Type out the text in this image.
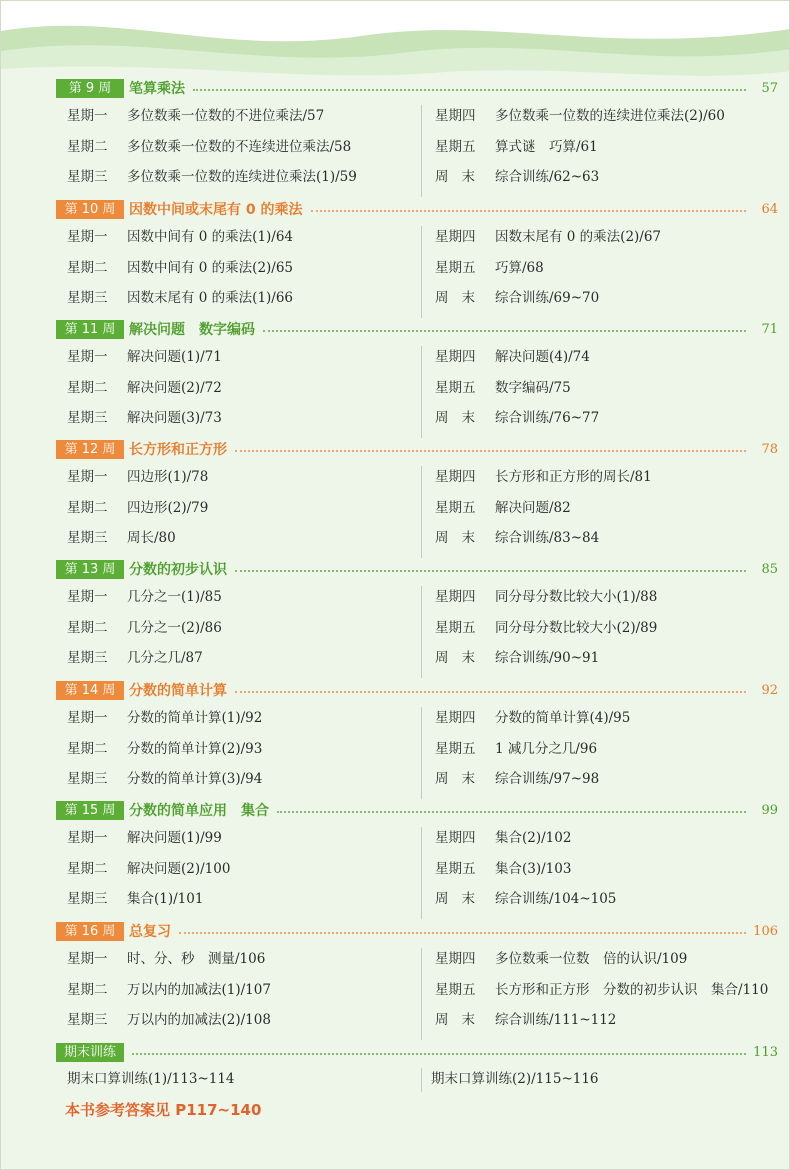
第 9 周	笔算乘法	57
星期一 多位数乘一位数的不进位乘法/57
星期二 多位数乘一位数的不连续进位乘法/58
星期三 多位数乘一位数的连续进位乘法(1)/59
星期四 多位数乘一位数的连续进位乘法(2)/60
星期五 算式谜　巧算/61
周末 综合训练/62~63
第 10 周 因数中间或末尾有 0 的乘法	64
星期一 因数中间有 0 的乘法(1)/64
星期二 因数中间有 0 的乘法(2)/65
星期三 因数末尾有 0 的乘法(1)/66
星期四 因数末尾有 0 的乘法(2)/67
星期五 巧算/68
周末 综合训练/69~70
第 11 周 解决问题　数字编码	71
星期一 解决问题(1)/71
星期二 解决问题(2)/72
星期三 解决问题(3)/73
星期四 解决问题(4)/74
星期五 数字编码/75
周末 综合训练/76~77
第 12 周 长方形和正方形	78
星期一 四边形(1)/78
星期二 四边形(2)/79
星期三 周长/80
星期四 长方形和正方形的周长/81
星期五 解决问题/82
周末 综合训练/83~84
第 13 周 分数的初步认识	85
星期一 几分之一(1)/85
星期二 几分之一(2)/86
星期三 几分之几/87
星期四 同分母分数比较大小(1)/88
星期五 同分母分数比较大小(2)/89
周末 综合训练/90~91
第 14 周 分数的简单计算	92
星期一 分数的简单计算(1)/92
星期二 分数的简单计算(2)/93
星期三 分数的简单计算(3)/94
星期四 分数的简单计算(4)/95
星期五 1 减几分之几/96
周末 综合训练/97~98
第 15 周 分数的简单应用　集合	99
星期一 解决问题(1)/99
星期二 解决问题(2)/100
星期三 集合(1)/101
星期四 集合(2)/102
星期五 集合(3)/103
周末 综合训练/104~105
第 16 周 总复习	106
星期一 时、分、秒　测量/106
星期二 万以内的加减法(1)/107
星期三 万以内的加减法(2)/108
星期四 多位数乘一位数　倍的认识/109
星期五 长方形和正方形　分数的初步认识　集合/110
周末 综合训练/111~112
期末训练	113
期末口算训练(1)/113~114	期末口算训练(2)/115~116
本书参考答案见 P117~140
